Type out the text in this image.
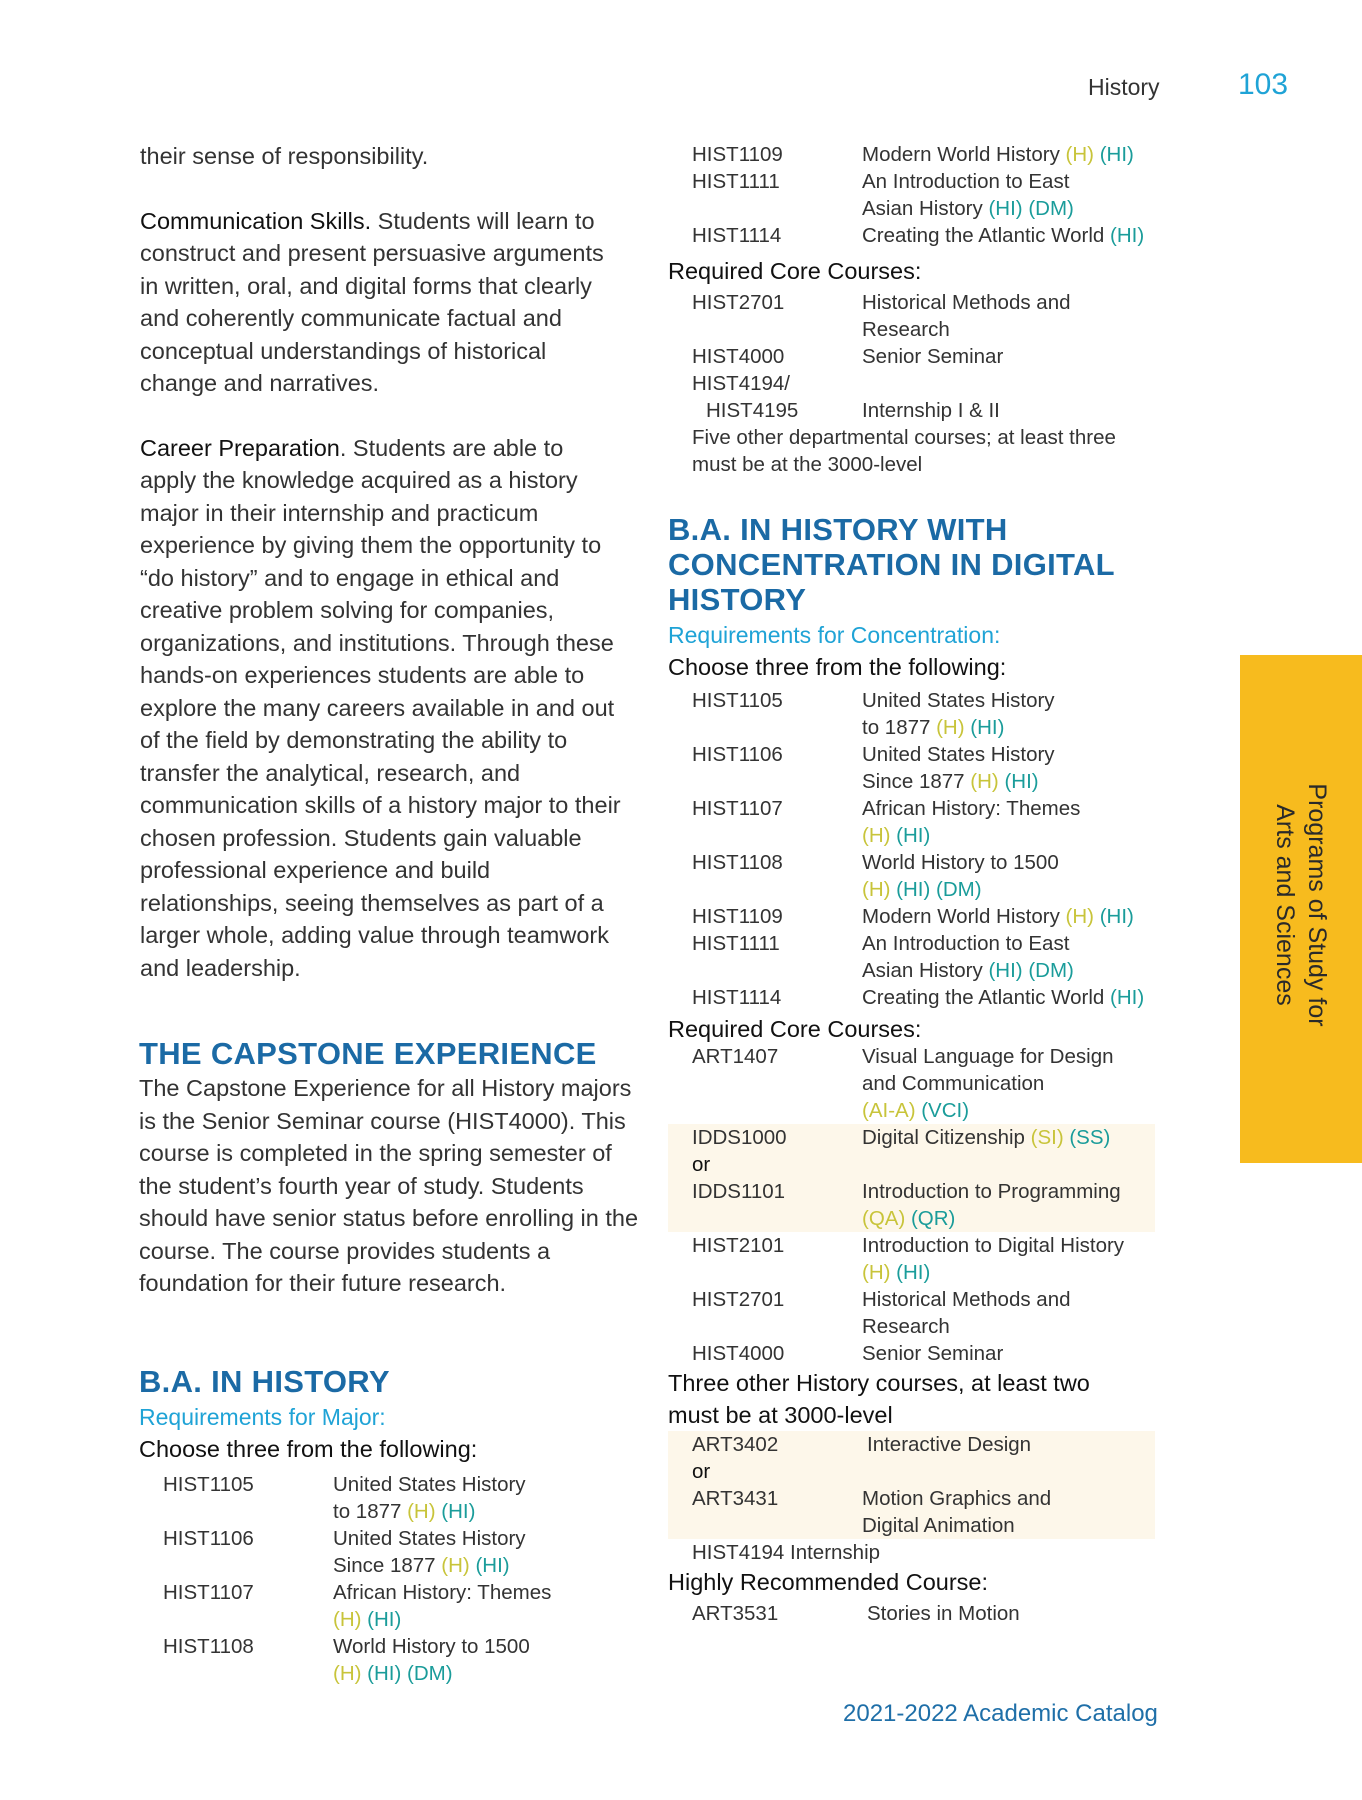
History	103
Programs of Study for
Arts and Sciences

their sense of responsibility.

Communication Skills. Students will learn to construct and present persuasive arguments in written, oral, and digital forms that clearly and coherently communicate factual and conceptual understandings of historical change and narratives.

Career Preparation. Students are able to apply the knowledge acquired as a history major in their internship and practicum experience by giving them the opportunity to “do history” and to engage in ethical and creative problem solving for companies, organizations, and institutions. Through these hands-on experiences students are able to explore the many careers available in and out of the field by demonstrating the ability to transfer the analytical, research, and communication skills of a history major to their chosen profession. Students gain valuable professional experience and build relationships, seeing themselves as part of a larger whole, adding value through teamwork and leadership.

THE CAPSTONE EXPERIENCE

The Capstone Experience for all History majors is the Senior Seminar course (HIST4000). This course is completed in the spring semester of the student’s fourth year of study. Students should have senior status before enrolling in the course. The course provides students a foundation for their future research.

B.A. IN HISTORY
Requirements for Major:
Choose three from the following:
HIST1105	United States History
to 1877 (H) (HI)
HIST1106	United States History
Since 1877 (H) (HI)
HIST1107	African History: Themes
(H) (HI)
HIST1108	World History to 1500
(H) (HI) (DM)
HIST1109	Modern World History (H) (HI)
HIST1111	An Introduction to East
Asian History (HI) (DM)
HIST1114	Creating the Atlantic World (HI)
Required Core Courses:
HIST2701	Historical Methods and
Research
HIST4000	Senior Seminar
HIST4194/
HIST4195	Internship I & II
Five other departmental courses; at least three
must be at the 3000-level
B.A. IN HISTORY WITH
CONCENTRATION IN DIGITAL
HISTORY
Requirements for Concentration:
Choose three from the following:
HIST1105	United States History
to 1877 (H) (HI)
HIST1106	United States History
Since 1877 (H) (HI)
HIST1107	African History: Themes
(H) (HI)
HIST1108	World History to 1500
(H) (HI) (DM)
HIST1109	Modern World History (H) (HI)
HIST1111	An Introduction to East
Asian History (HI) (DM)
HIST1114	Creating the Atlantic World (HI)
Required Core Courses:
ART1407	Visual Language for Design
and Communication
(AI-A) (VCI)
IDDS1000	Digital Citizenship (SI) (SS)
or
IDDS1101	Introduction to Programming
(QA) (QR)
HIST2101	Introduction to Digital History
(H) (HI)
HIST2701	Historical Methods and
Research
HIST4000	Senior Seminar
Three other History courses, at least two
must be at 3000-level
ART3402	Interactive Design
or
ART3431	Motion Graphics and
Digital Animation
HIST4194 Internship
Highly Recommended Course:
ART3531	Stories in Motion
2021-2022 Academic Catalog
